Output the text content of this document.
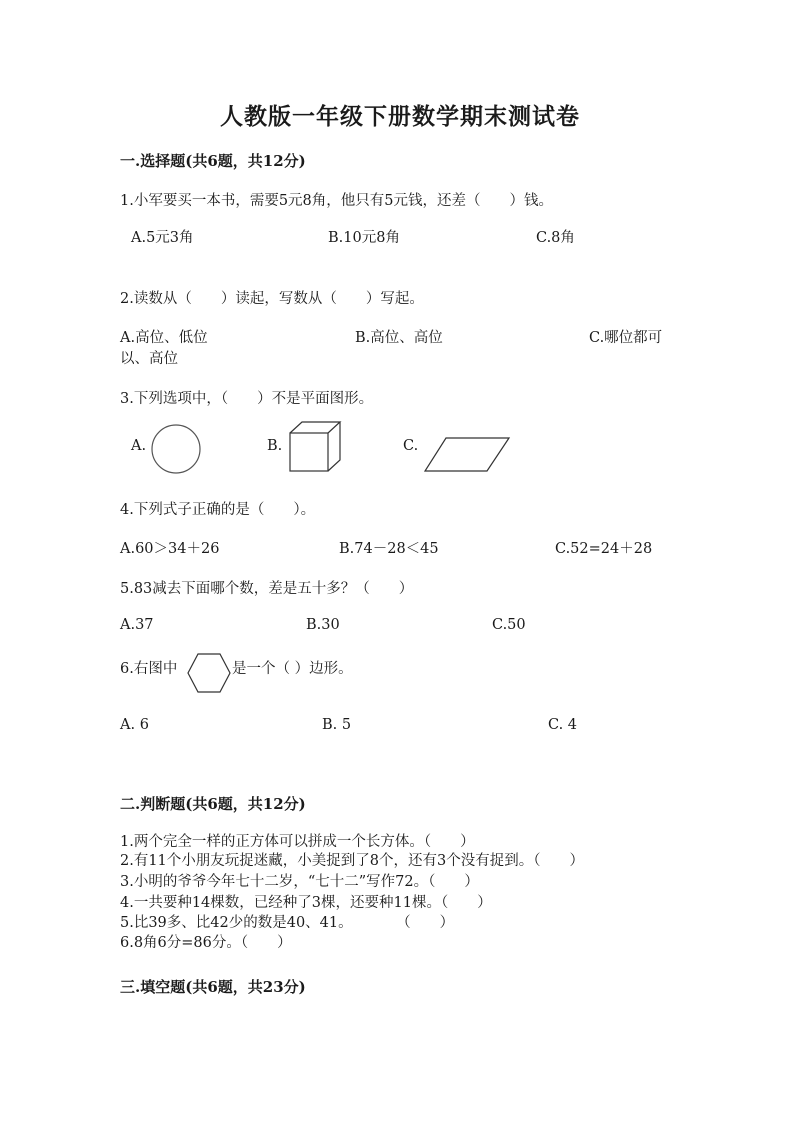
人教版一年级下册数学期末测试卷
一.选择题(共6题，共12分)
1.小军要买一本书，需要5元8角，他只有5元钱，还差（　　）钱。
A.5元3角	B.10元8角	C.8角
2.读数从（　　）读起，写数从（　　）写起。
A.高位、低位	B.高位、高位	C.哪位都可
以、高位
3.下列选项中，（　　）不是平面图形。
A.	B.	C.
4.下列式子正确的是（　　）。
A.60＞34＋26	B.74－28＜45	C.52=24＋28
5.83减去下面哪个数，差是五十多？（　　）
A.37	B.30	C.50
6.右图中	是一个（ ）边形。
A. 6	B. 5	C. 4
二.判断题(共6题，共12分)
1.两个完全一样的正方体可以拼成一个长方体。（　　）
2.有11个小朋友玩捉迷藏，小美捉到了8个，还有3个没有捉到。（　　）
3.小明的爷爷今年七十二岁，“七十二”写作72。（　　）
4.一共要种14棵数，已经种了3棵，还要种11棵。（　　）
5.比39多、比42少的数是40、41。　　　　（　　）
6.8角6分=86分。（　　）
三.填空题(共6题，共23分)
